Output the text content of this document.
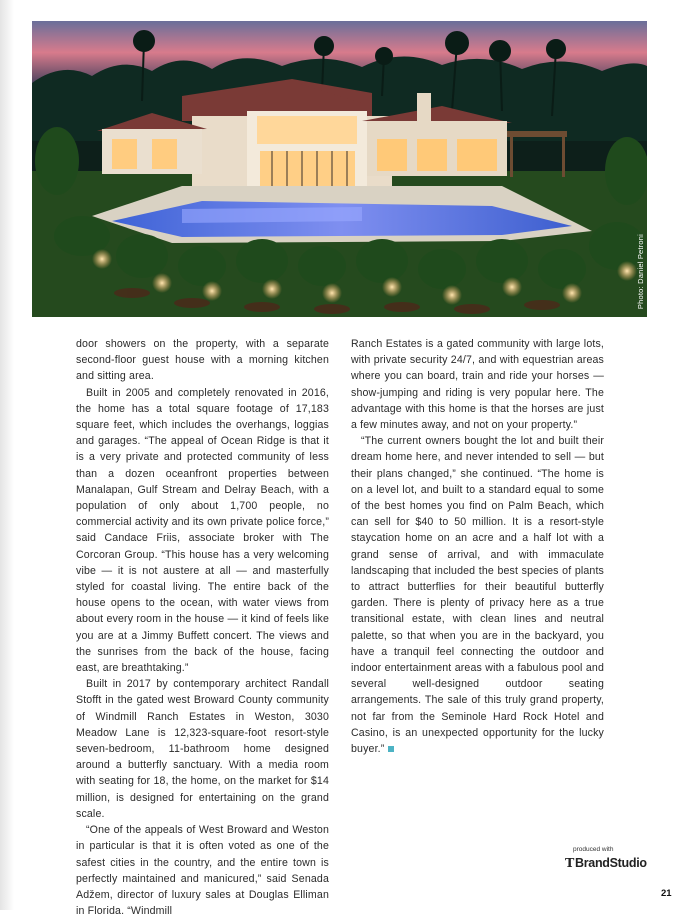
Photo: Daniel Petroni

door showers on the property, with a separate second-floor guest house with a morning kitchen and sitting area.

Built in 2005 and completely renovated in 2016, the home has a total square footage of 17,183 square feet, which includes the overhangs, loggias and garages. “The appeal of Ocean Ridge is that it is a very private and protected community of less than a dozen oceanfront properties between Manalapan, Gulf Stream and Delray Beach, with a population of only about 1,700 people, no commercial activity and its own private police force,” said Candace Friis, associate broker with The Corcoran Group. “This house has a very welcoming vibe — it is not austere at all — and masterfully styled for coastal living. The entire back of the house opens to the ocean, with water views from about every room in the house — it kind of feels like you are at a Jimmy Buffett concert. The views and the sunrises from the back of the house, facing east, are breathtaking.”

Built in 2017 by contemporary architect Randall Stofft in the gated west Broward County community of Windmill Ranch Estates in Weston, 3030 Meadow Lane is 12,323-square-foot resort-style seven-bedroom, 11-bathroom home designed around a butterfly sanctuary. With a media room with seating for 18, the home, on the market for $14 million, is designed for entertaining on the grand scale.

“One of the appeals of West Broward and Weston in particular is that it is often voted as one of the safest cities in the country, and the entire town is perfectly maintained and manicured,” said Senada Adžem, director of luxury sales at Douglas Elliman in Florida. “Windmill

Ranch Estates is a gated community with large lots, with private security 24/7, and with equestrian areas where you can board, train and ride your horses — show-jumping and riding is very popular here. The advantage with this home is that the horses are just a few minutes away, and not on your property.”

“The current owners bought the lot and built their dream home here, and never intended to sell — but their plans changed,” she continued. “The home is on a level lot, and built to a standard equal to some of the best homes you find on Palm Beach, which can sell for $40 to 50 million. It is a resort-style staycation home on an acre and a half lot with a grand sense of arrival, and with immaculate landscaping that included the best species of plants to attract butterflies for their beautiful butterfly garden. There is plenty of privacy here as a true transitional estate, with clean lines and neutral palette, so that when you are in the backyard, you have a tranquil feel connecting the outdoor and indoor entertainment areas with a fabulous pool and several well-designed outdoor seating arrangements. The sale of this truly grand property, not far from the Seminole Hard Rock Hotel and Casino, is an unexpected opportunity for the lucky buyer.”

produced with
TBrandStudio
21
